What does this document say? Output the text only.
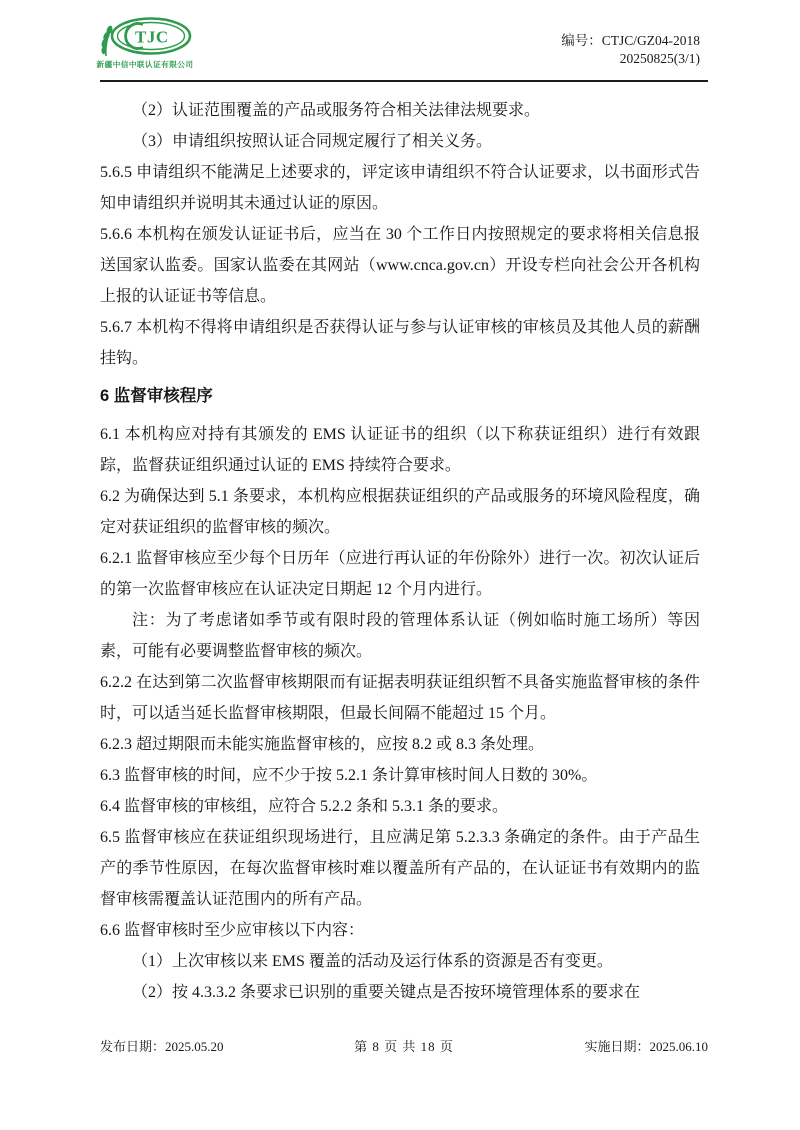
TJC
新疆中信中联认证有限公司
编号：CTJC/GZ04-2018
20250825(3/1)

（2）认证范围覆盖的产品或服务符合相关法律法规要求。

（3）申请组织按照认证合同规定履行了相关义务。

5.6.5 申请组织不能满足上述要求的，评定该申请组织不符合认证要求，以书面形式告知申请组织并说明其未通过认证的原因。

5.6.6 本机构在颁发认证证书后，应当在 30 个工作日内按照规定的要求将相关信息报送国家认监委。国家认监委在其网站（www.cnca.gov.cn）开设专栏向社会公开各机构上报的认证证书等信息。

5.6.7 本机构不得将申请组织是否获得认证与参与认证审核的审核员及其他人员的薪酬挂钩。

6 监督审核程序

6.1 本机构应对持有其颁发的 EMS 认证证书的组织（以下称获证组织）进行有效跟踪，监督获证组织通过认证的 EMS 持续符合要求。

6.2 为确保达到 5.1 条要求，本机构应根据获证组织的产品或服务的环境风险程度，确定对获证组织的监督审核的频次。

6.2.1 监督审核应至少每个日历年（应进行再认证的年份除外）进行一次。初次认证后的第一次监督审核应在认证决定日期起 12 个月内进行。

注：为了考虑诸如季节或有限时段的管理体系认证（例如临时施工场所）等因素，可能有必要调整监督审核的频次。

6.2.2 在达到第二次监督审核期限而有证据表明获证组织暂不具备实施监督审核的条件时，可以适当延长监督审核期限，但最长间隔不能超过 15 个月。

6.2.3 超过期限而未能实施监督审核的，应按 8.2 或 8.3 条处理。

6.3 监督审核的时间，应不少于按 5.2.1 条计算审核时间人日数的 30%。

6.4 监督审核的审核组，应符合 5.2.2 条和 5.3.1 条的要求。

6.5 监督审核应在获证组织现场进行，且应满足第 5.2.3.3 条确定的条件。由于产品生产的季节性原因，在每次监督审核时难以覆盖所有产品的，在认证证书有效期内的监督审核需覆盖认证范围内的所有产品。

6.6 监督审核时至少应审核以下内容：

（1）上次审核以来 EMS 覆盖的活动及运行体系的资源是否有变更。

（2）按 4.3.3.2 条要求已识别的重要关键点是否按环境管理体系的要求在

发布日期：2025.05.20	第 8 页 共 18 页	实施日期：2025.06.10
